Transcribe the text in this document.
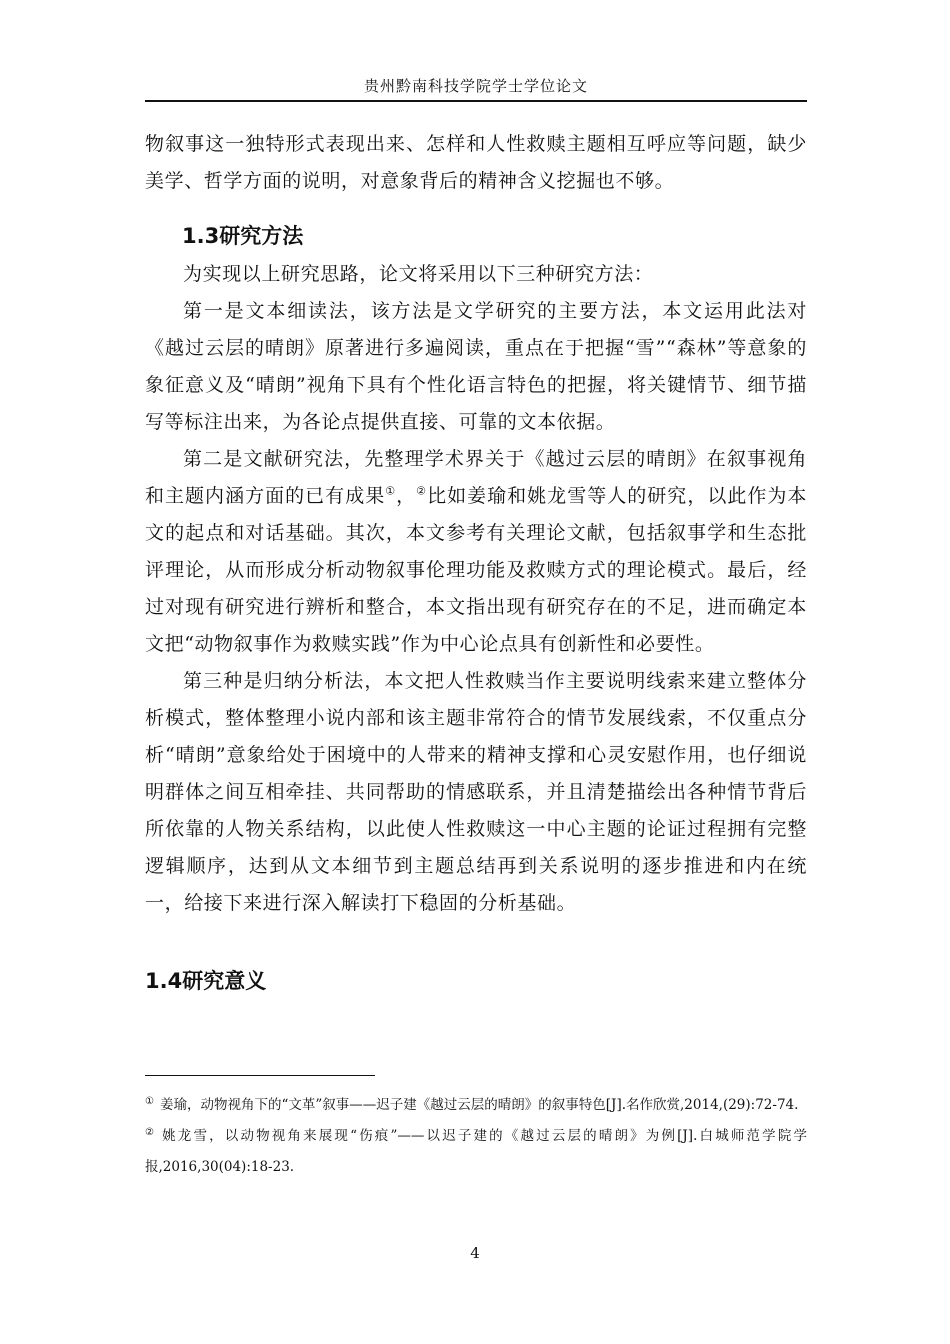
贵州黔南科技学院学士学位论文

物叙事这一独特形式表现出来、怎样和人性救赎主题相互呼应等问题，缺少美学、哲学方面的说明，对意象背后的精神含义挖掘也不够。

1.3研究方法

为实现以上研究思路，论文将采用以下三种研究方法：

第一是文本细读法，该方法是文学研究的主要方法，本文运用此法对《越过云层的晴朗》原著进行多遍阅读，重点在于把握“雪”“森林”等意象的象征意义及“晴朗”视角下具有个性化语言特色的把握，将关键情节、细节描写等标注出来，为各论点提供直接、可靠的文本依据。

第二是文献研究法，先整理学术界关于《越过云层的晴朗》在叙事视角和主题内涵方面的已有成果①，②比如姜瑜和姚龙雪等人的研究，以此作为本文的起点和对话基础。其次，本文参考有关理论文献，包括叙事学和生态批评理论，从而形成分析动物叙事伦理功能及救赎方式的理论模式。最后，经过对现有研究进行辨析和整合，本文指出现有研究存在的不足，进而确定本文把“动物叙事作为救赎实践”作为中心论点具有创新性和必要性。

第三种是归纳分析法，本文把人性救赎当作主要说明线索来建立整体分析模式，整体整理小说内部和该主题非常符合的情节发展线索，不仅重点分析“晴朗”意象给处于困境中的人带来的精神支撑和心灵安慰作用，也仔细说明群体之间互相牵挂、共同帮助的情感联系，并且清楚描绘出各种情节背后所依靠的人物关系结构，以此使人性救赎这一中心主题的论证过程拥有完整逻辑顺序，达到从文本细节到主题总结再到关系说明的逐步推进和内在统一，给接下来进行深入解读打下稳固的分析基础。

1.4研究意义

① 姜瑜，动物视角下的“文革”叙事——迟子建《越过云层的晴朗》的叙事特色[J].名作欣赏,2014,(29):72-74.

② 姚龙雪，以动物视角来展现“伤痕”——以迟子建的《越过云层的晴朗》为例[J].白城师范学院学报,2016,30(04):18-23.

4
